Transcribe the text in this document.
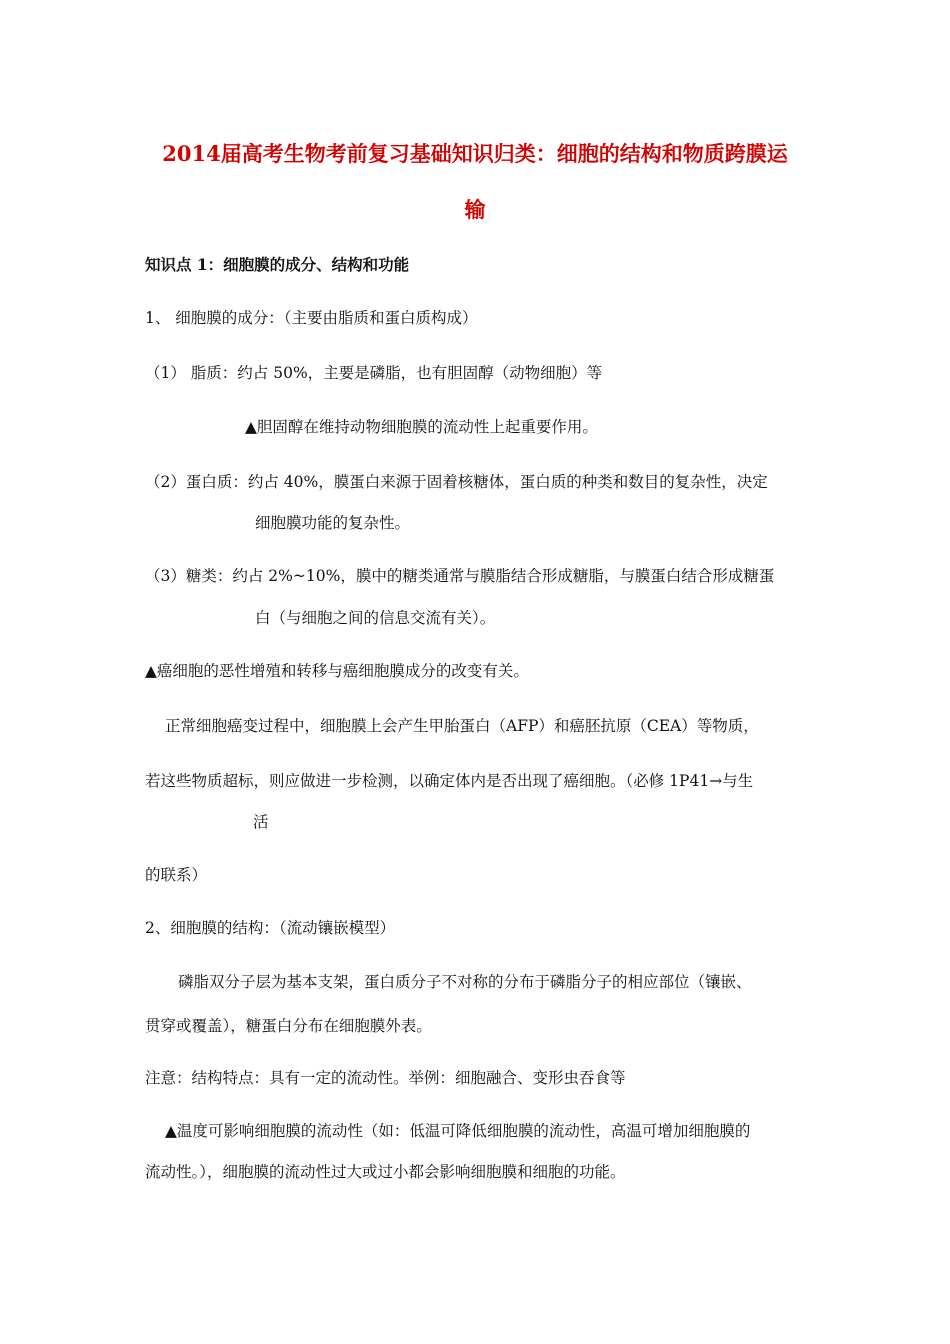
2014届高考生物考前复习基础知识归类：细胞的结构和物质跨膜运
输
知识点 1：细胞膜的成分、结构和功能
1、 细胞膜的成分：（主要由脂质和蛋白质构成）
（1） 脂质：约占 50%，主要是磷脂，也有胆固醇（动物细胞）等
▲胆固醇在维持动物细胞膜的流动性上起重要作用。
（2）蛋白质：约占 40%，膜蛋白来源于固着核糖体，蛋白质的种类和数目的复杂性，决定
细胞膜功能的复杂性。
（3）糖类：约占 2%~10%，膜中的糖类通常与膜脂结合形成糖脂，与膜蛋白结合形成糖蛋
白（与细胞之间的信息交流有关）。
▲癌细胞的恶性增殖和转移与癌细胞膜成分的改变有关。
正常细胞癌变过程中，细胞膜上会产生甲胎蛋白（AFP）和癌胚抗原（CEA）等物质，
若这些物质超标，则应做进一步检测，以确定体内是否出现了癌细胞。（必修 1P41→与生
活
的联系）
2、细胞膜的结构：（流动镶嵌模型）
磷脂双分子层为基本支架，蛋白质分子不对称的分布于磷脂分子的相应部位（镶嵌、
贯穿或覆盖），糖蛋白分布在细胞膜外表。
注意：结构特点：具有一定的流动性。举例：细胞融合、变形虫吞食等
▲温度可影响细胞膜的流动性（如：低温可降低细胞膜的流动性，高温可增加细胞膜的
流动性。），细胞膜的流动性过大或过小都会影响细胞膜和细胞的功能。
